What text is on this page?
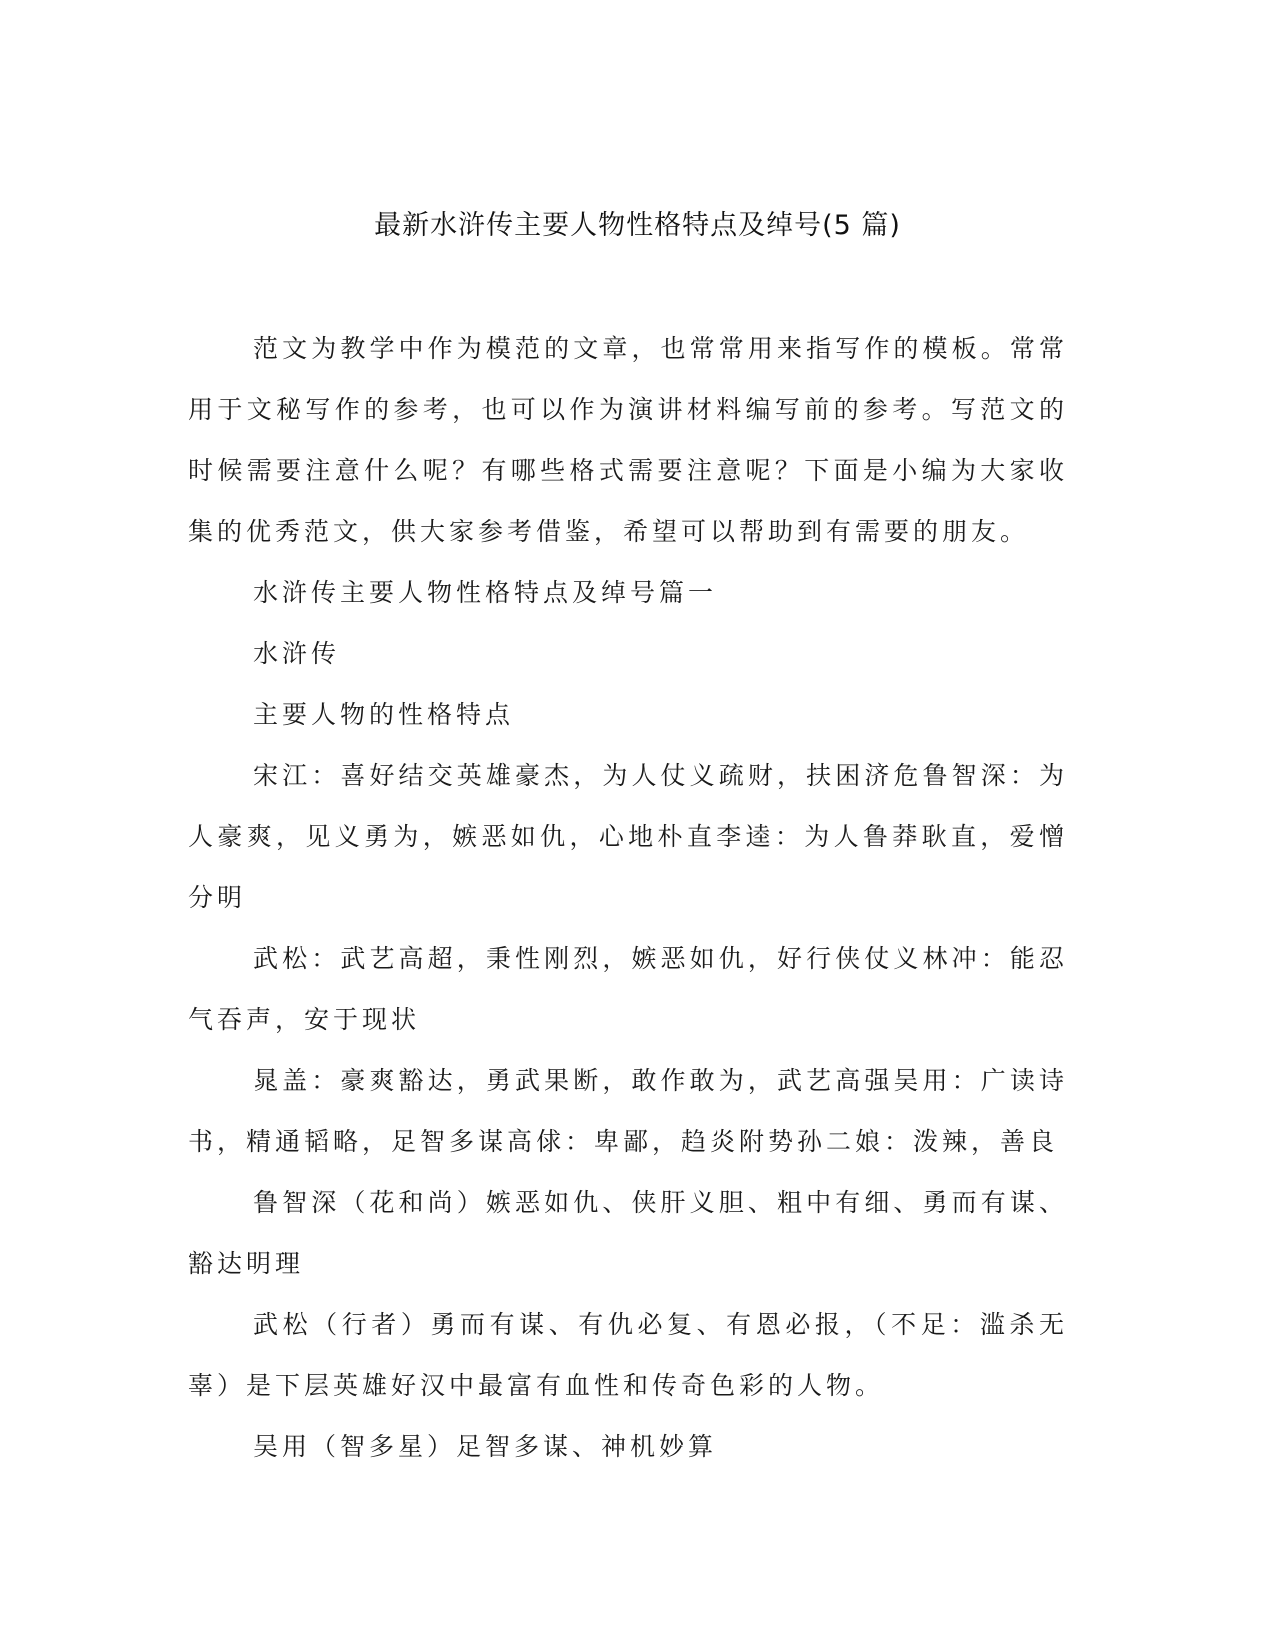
最新水浒传主要人物性格特点及绰号(5 篇)

范文为教学中作为模范的文章，也常常用来指写作的模板。常常用于文秘写作的参考，也可以作为演讲材料编写前的参考。写范文的时候需要注意什么呢？有哪些格式需要注意呢？下面是小编为大家收集的优秀范文，供大家参考借鉴，希望可以帮助到有需要的朋友。

水浒传主要人物性格特点及绰号篇一

水浒传

主要人物的性格特点

宋江：喜好结交英雄豪杰，为人仗义疏财，扶困济危鲁智深：为人豪爽，见义勇为，嫉恶如仇，心地朴直李逵：为人鲁莽耿直，爱憎分明

武松：武艺高超，秉性刚烈，嫉恶如仇，好行侠仗义林冲：能忍气吞声，安于现状

晁盖：豪爽豁达，勇武果断，敢作敢为，武艺高强吴用：广读诗书，精通韬略，足智多谋高俅：卑鄙，趋炎附势孙二娘：泼辣，善良

鲁智深（花和尚）嫉恶如仇、侠肝义胆、粗中有细、勇而有谋、豁达明理

武松（行者）勇而有谋、有仇必复、有恩必报，（不足：滥杀无辜）是下层英雄好汉中最富有血性和传奇色彩的人物。

吴用（智多星）足智多谋、神机妙算
